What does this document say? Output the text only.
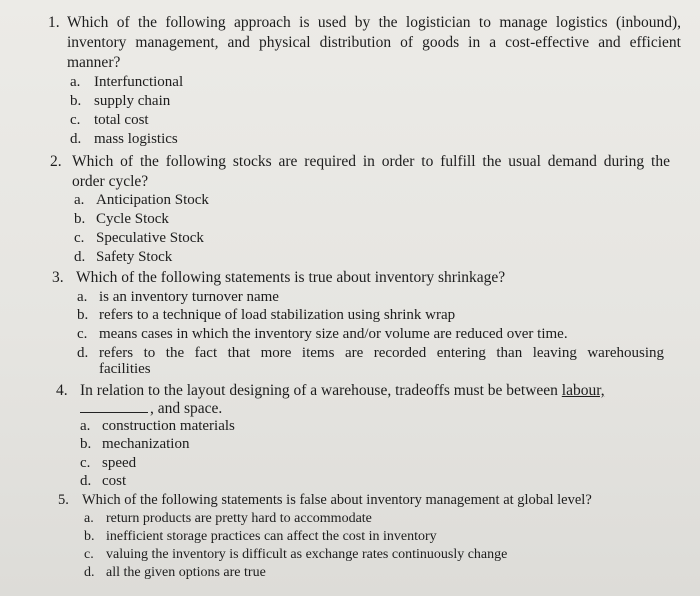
1. Which of the following approach is used by the logistician to manage logistics (inbound),
inventory management, and physical distribution of goods in a cost-effective and efficient
manner?
a. Interfunctional
b. supply chain
c. total cost
d. mass logistics
2. Which of the following stocks are required in order to fulfill the usual demand during the
order cycle?
a. Anticipation Stock
b. Cycle Stock
c. Speculative Stock
d. Safety Stock
3. Which of the following statements is true about inventory shrinkage?
a. is an inventory turnover name
b. refers to a technique of load stabilization using shrink wrap
c. means cases in which the inventory size and/or volume are reduced over time.
d. refers to the fact that more items are recorded entering than leaving warehousing
facilities
4. In relation to the layout designing of a warehouse, tradeoffs must be between labour,
, and space.
a. construction materials
b. mechanization
c. speed
d. cost
5. Which of the following statements is false about inventory management at global level?
a. return products are pretty hard to accommodate
b. inefficient storage practices can affect the cost in inventory
c. valuing the inventory is difficult as exchange rates continuously change
d. all the given options are true
